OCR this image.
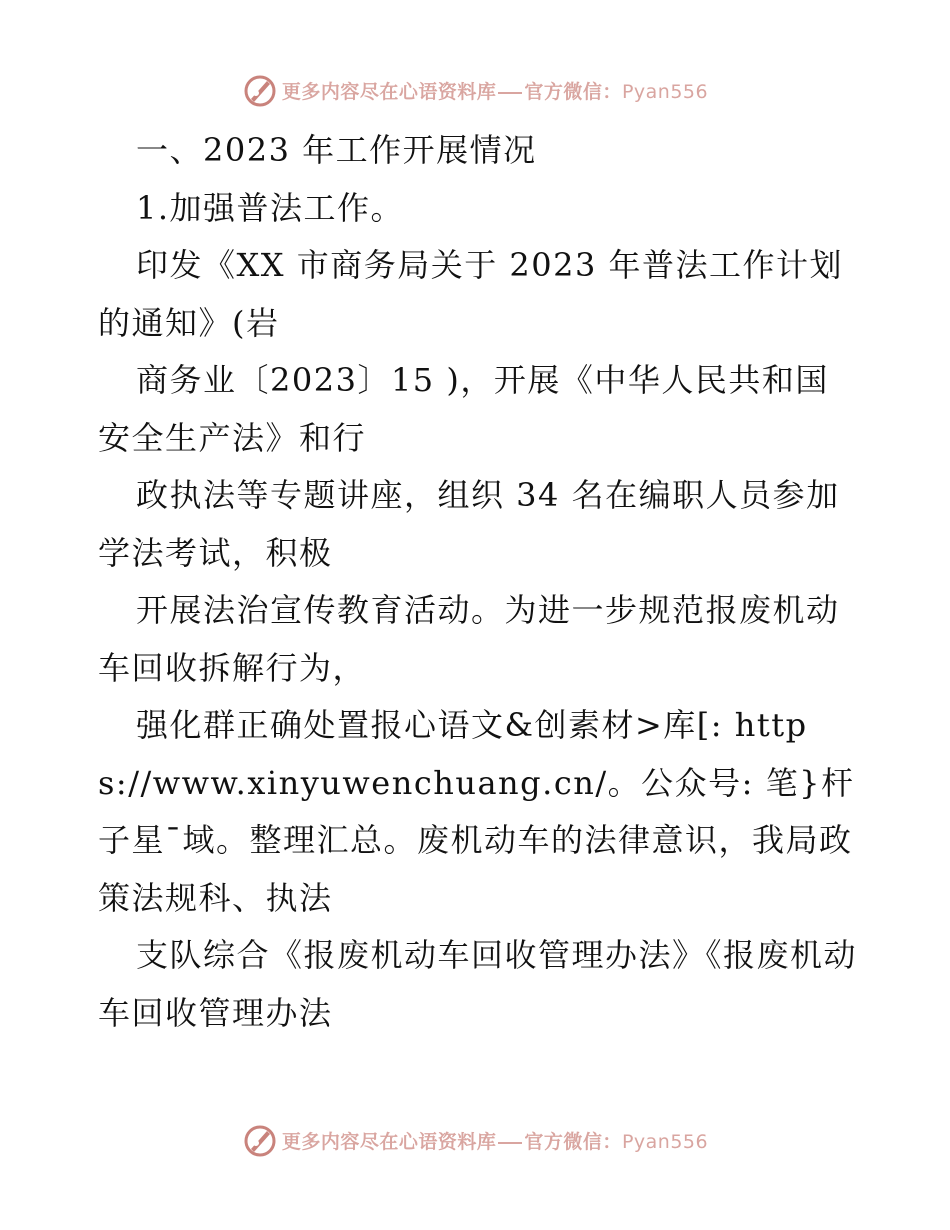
更多内容尽在心语资料库 官方微信：Pyan556

一、2023 年工作开展情况

1.加强普法工作。

印发《XX 市商务局关于 2023 年普法工作计划的通知》(岩

商务业〔2023〕15 )，开展《中华人民共和国安全生产法》和行

政执法等专题讲座，组织 34 名在编职人员参加学法考试，积极

开展法治宣传教育活动。为进一步规范报废机动车回收拆解行为，

强化群正确处置报心语文&创素材>库[: https://www.xinyuwenchuang.cn/。公众号: 笔}杆子星¯域。整理汇总。废机动车的法律意识，我局政策法规科、执法

支队综合《报废机动车回收管理办法》《报废机动车回收管理办法

更多内容尽在心语资料库 官方微信：Pyan556
